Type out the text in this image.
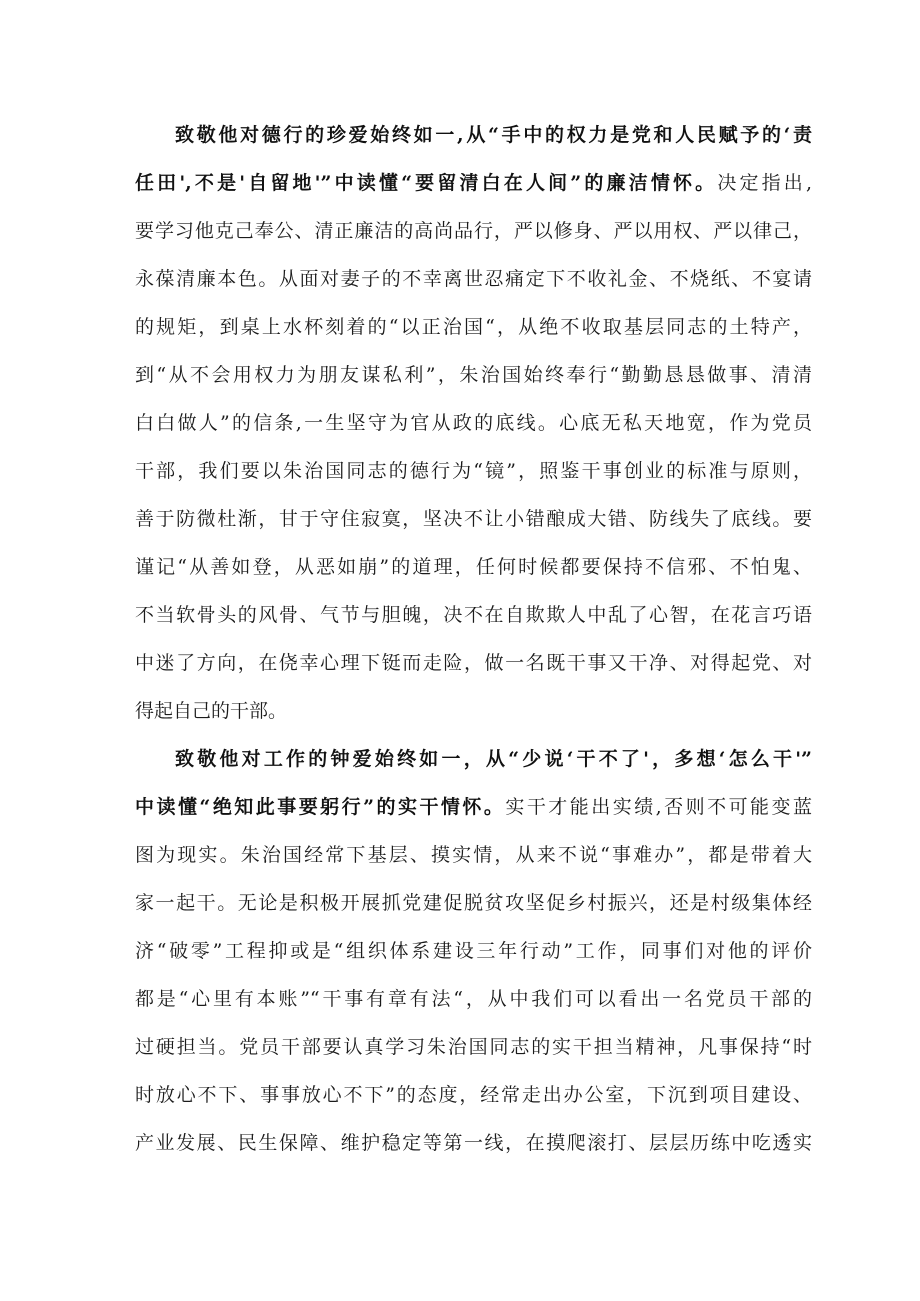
致敬他对德行的珍爱始终如一,从“手中的权力是党和人民赋予的‘责
任田',不是'自留地'”中读懂“要留清白在人间”的廉洁情怀。决定指出,
要学习他克己奉公、清正廉洁的高尚品行，严以修身、严以用权、严以律己，
永葆清廉本色。从面对妻子的不幸离世忍痛定下不收礼金、不烧纸、不宴请
的规矩，到桌上水杯刻着的“以正治国“，从绝不收取基层同志的土特产，
到“从不会用权力为朋友谋私利”，朱治国始终奉行“勤勤恳恳做事、清清
白白做人”的信条,一生坚守为官从政的底线。心底无私天地宽，作为党员
干部，我们要以朱治国同志的德行为“镜”，照鉴干事创业的标准与原则，
善于防微杜渐，甘于守住寂寞，坚决不让小错酿成大错、防线失了底线。要
谨记“从善如登，从恶如崩”的道理，任何时候都要保持不信邪、不怕鬼、
不当软骨头的风骨、气节与胆魄，决不在自欺欺人中乱了心智，在花言巧语
中迷了方向，在侥幸心理下铤而走险，做一名既干事又干净、对得起党、对
得起自己的干部。
致敬他对工作的钟爱始终如一，从“少说‘干不了'，多想‘怎么干'”
中读懂“绝知此事要躬行”的实干情怀。实干才能出实绩,否则不可能变蓝
图为现实。朱治国经常下基层、摸实情，从来不说“事难办”，都是带着大
家一起干。无论是积极开展抓党建促脱贫攻坚促乡村振兴，还是村级集体经
济“破零”工程抑或是“组织体系建设三年行动”工作，同事们对他的评价
都是“心里有本账”“干事有章有法“，从中我们可以看出一名党员干部的
过硬担当。党员干部要认真学习朱治国同志的实干担当精神，凡事保持“时
时放心不下、事事放心不下”的态度，经常走出办公室，下沉到项目建设、
产业发展、民生保障、维护稳定等第一线，在摸爬滚打、层层历练中吃透实
